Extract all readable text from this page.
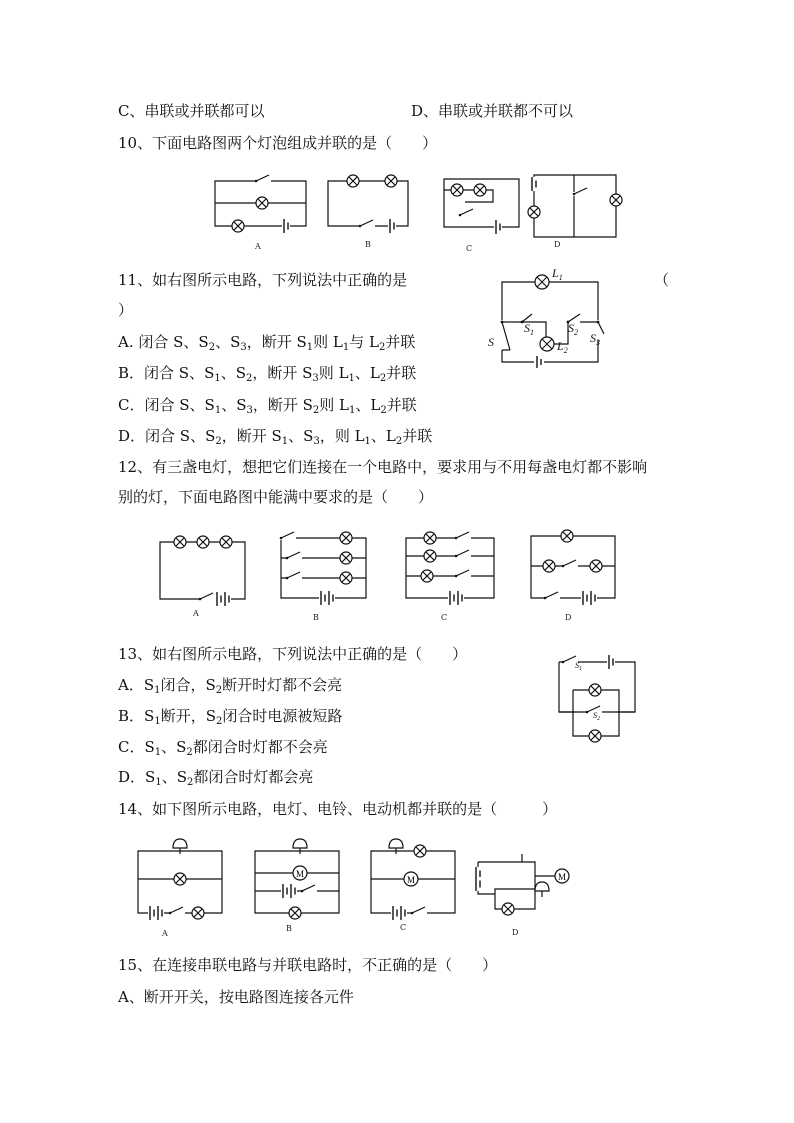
C、串联或并联都可以	D、串联或并联都不可以
10、下面电路图两个灯泡组成并联的是（　　）
A	B	C	D
11、如右图所示电路，下列说法中正确的是	（
）
A. 闭合 S、$S_2$、$S_3$，断开 $S_1$则 $L_1$与 $L_2$并联
B．闭合 S、$S_1$、$S_2$，断开 $S_3$则 $L_1$、$L_2$并联
C．闭合 S、$S_1$、$S_3$，断开 $S_2$则 $L_1$、$L_2$并联
D．闭合 S、$S_2$，断开 $S_1$、$S_3$，则 $L_1$、$L_2$并联
$L_1$
$L_2$
S
$S_1$	$S_2$ $S_3$
12、有三盏电灯，想把它们连接在一个电路中，要求用与不用每盏电灯都不影响
别的灯，下面电路图中能满中要求的是（　　）
A	B	C	D
13、如右图所示电路，下列说法中正确的是（　　）
A．$S_1$闭合，$S_2$断开时灯都不会亮
B．$S_1$断开，$S_2$闭合时电源被短路
C．$S_1$、$S_2$都闭合时灯都不会亮
D．$S_1$、$S_2$都闭合时灯都会亮
$S_1$
$S_2$
14、如下图所示电路，电灯、电铃、电动机都并联的是（　　　）
M
M	M
A
B	C
D
15、在连接串联电路与并联电路时，不正确的是（　　）
A、断开开关，按电路图连接各元件
